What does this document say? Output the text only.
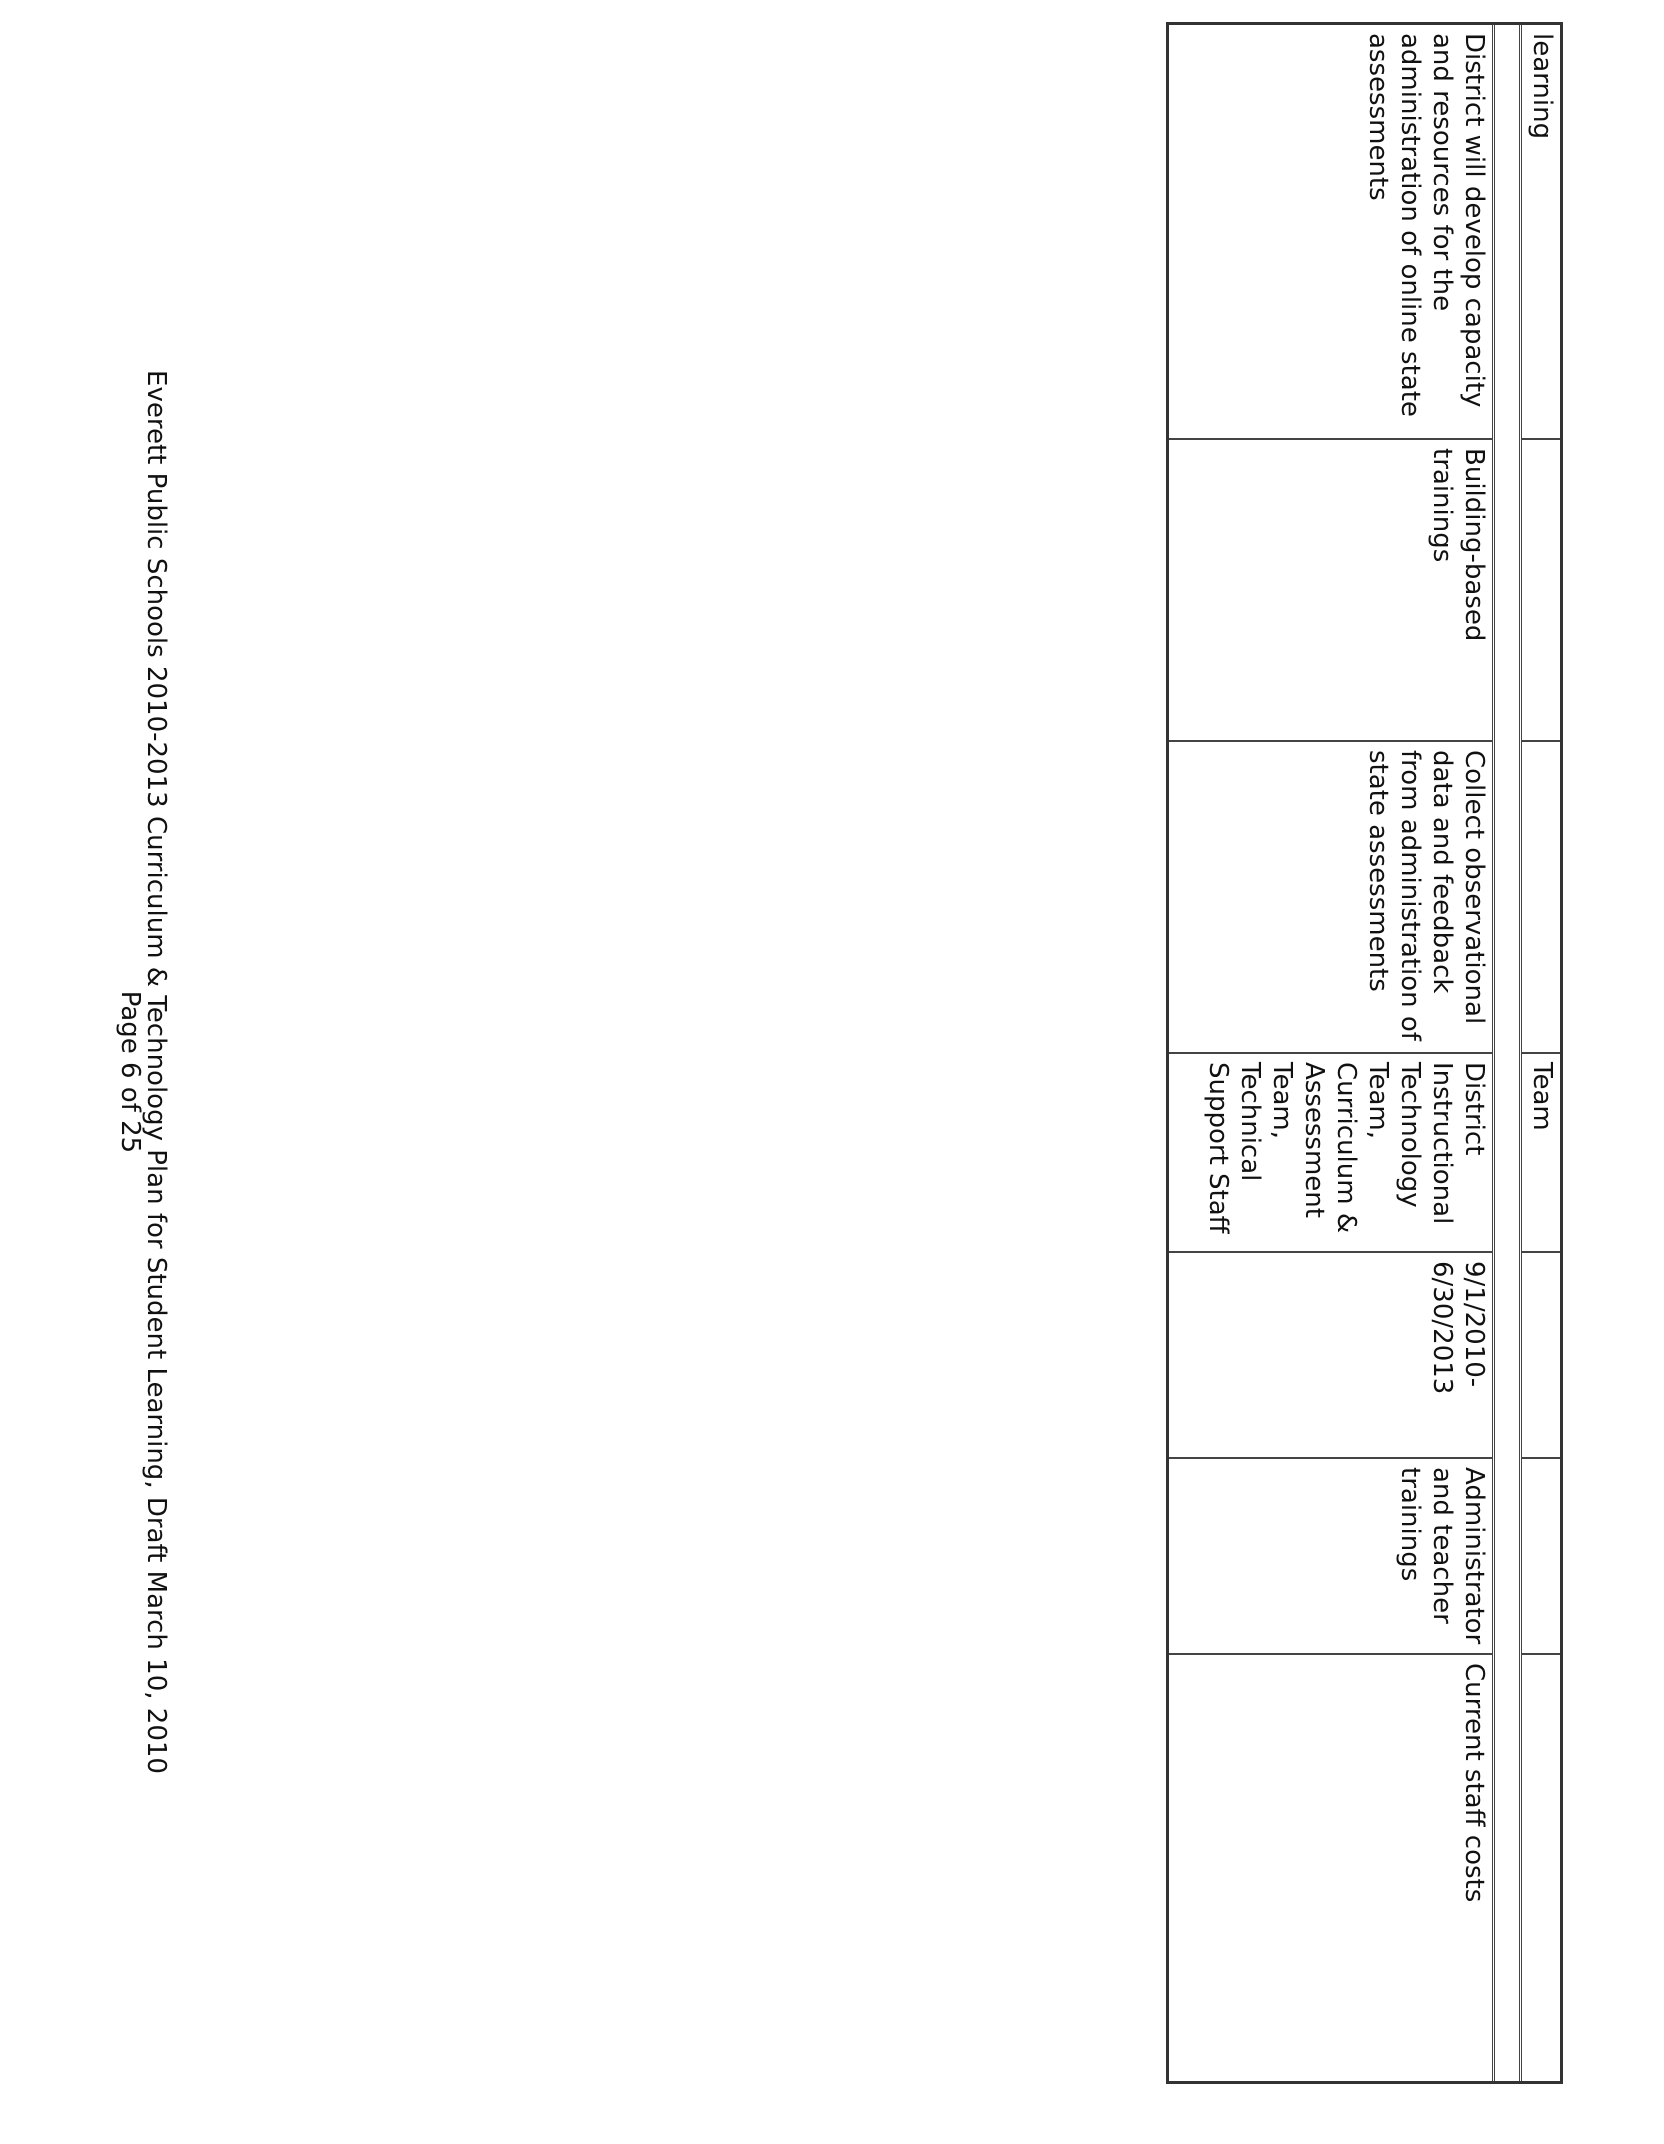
learning
District will develop capacity and resources for the administration of online state assessments
Building-based trainings
Collect observational data and feedback from administration of state assessments
Team
District Instructional Technology Team, Curriculum & Assessment Team, Technical Support Staff
9/1/2010-6/30/2013
Administrator and teacher trainings
Current staff costs
Everett Public Schools 2010-2013 Curriculum & Technology Plan for Student Learning, Draft March 10, 2010
Page 6 of 25
